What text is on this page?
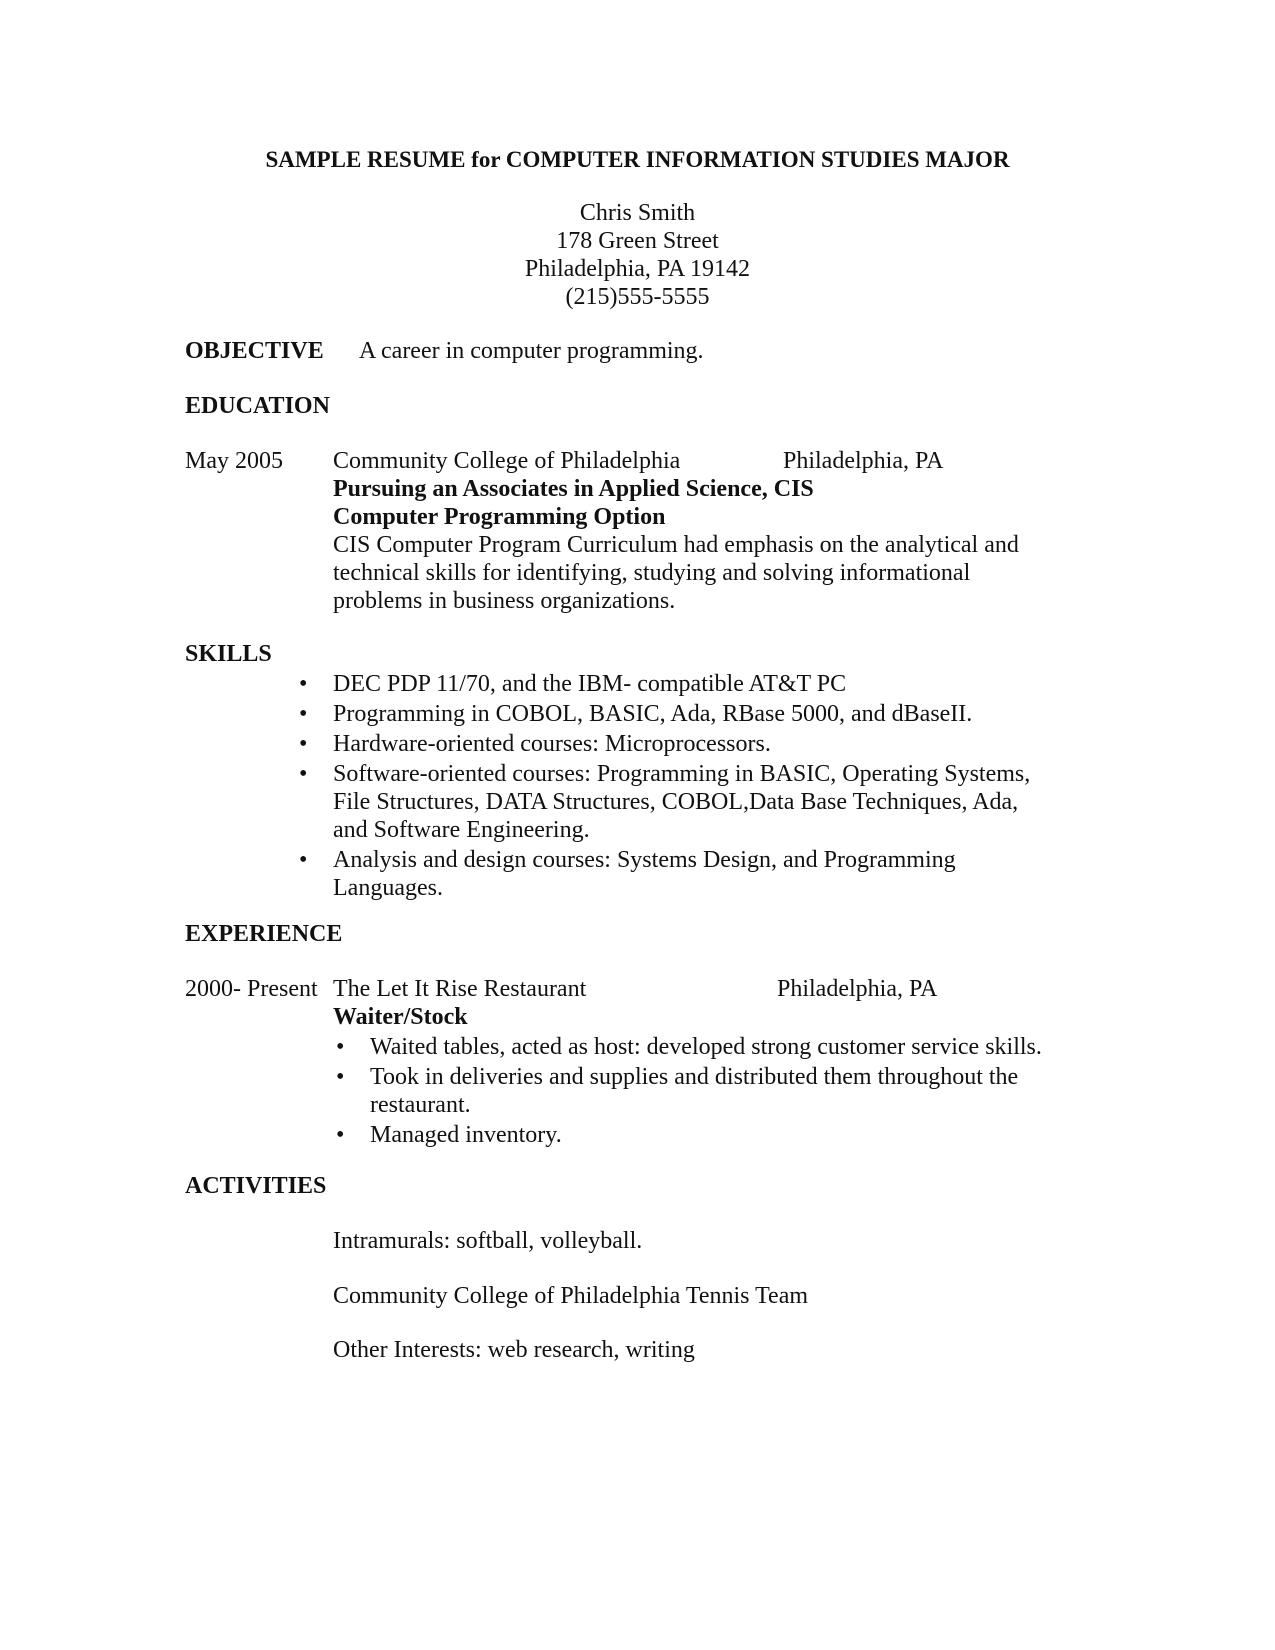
SAMPLE RESUME for COMPUTER INFORMATION STUDIES MAJOR
Chris Smith
178 Green Street
Philadelphia, PA 19142
(215)555-5555
OBJECTIVE A career in computer programming.
EDUCATION
May 2005 Community College of Philadelphia	Philadelphia, PA
Pursuing an Associates in Applied Science, CIS
Computer Programming Option
CIS Computer Program Curriculum had emphasis on the analytical and technical skills for identifying, studying and solving informational problems in business organizations.
SKILLS
• DEC PDP 11/70, and the IBM- compatible AT&T PC
• Programming in COBOL, BASIC, Ada, RBase 5000, and dBaseII.
• Hardware-oriented courses: Microprocessors.
• Software-oriented courses: Programming in BASIC, Operating Systems, File Structures, DATA Structures, COBOL,Data Base Techniques, Ada, and Software Engineering.
• Analysis and design courses: Systems Design, and Programming Languages.
EXPERIENCE
2000- Present The Let It Rise Restaurant	Philadelphia, PA
Waiter/Stock
• Waited tables, acted as host: developed strong customer service skills.
• Took in deliveries and supplies and distributed them throughout the restaurant.
• Managed inventory.
ACTIVITIES
Intramurals: softball, volleyball.
Community College of Philadelphia Tennis Team
Other Interests: web research, writing
